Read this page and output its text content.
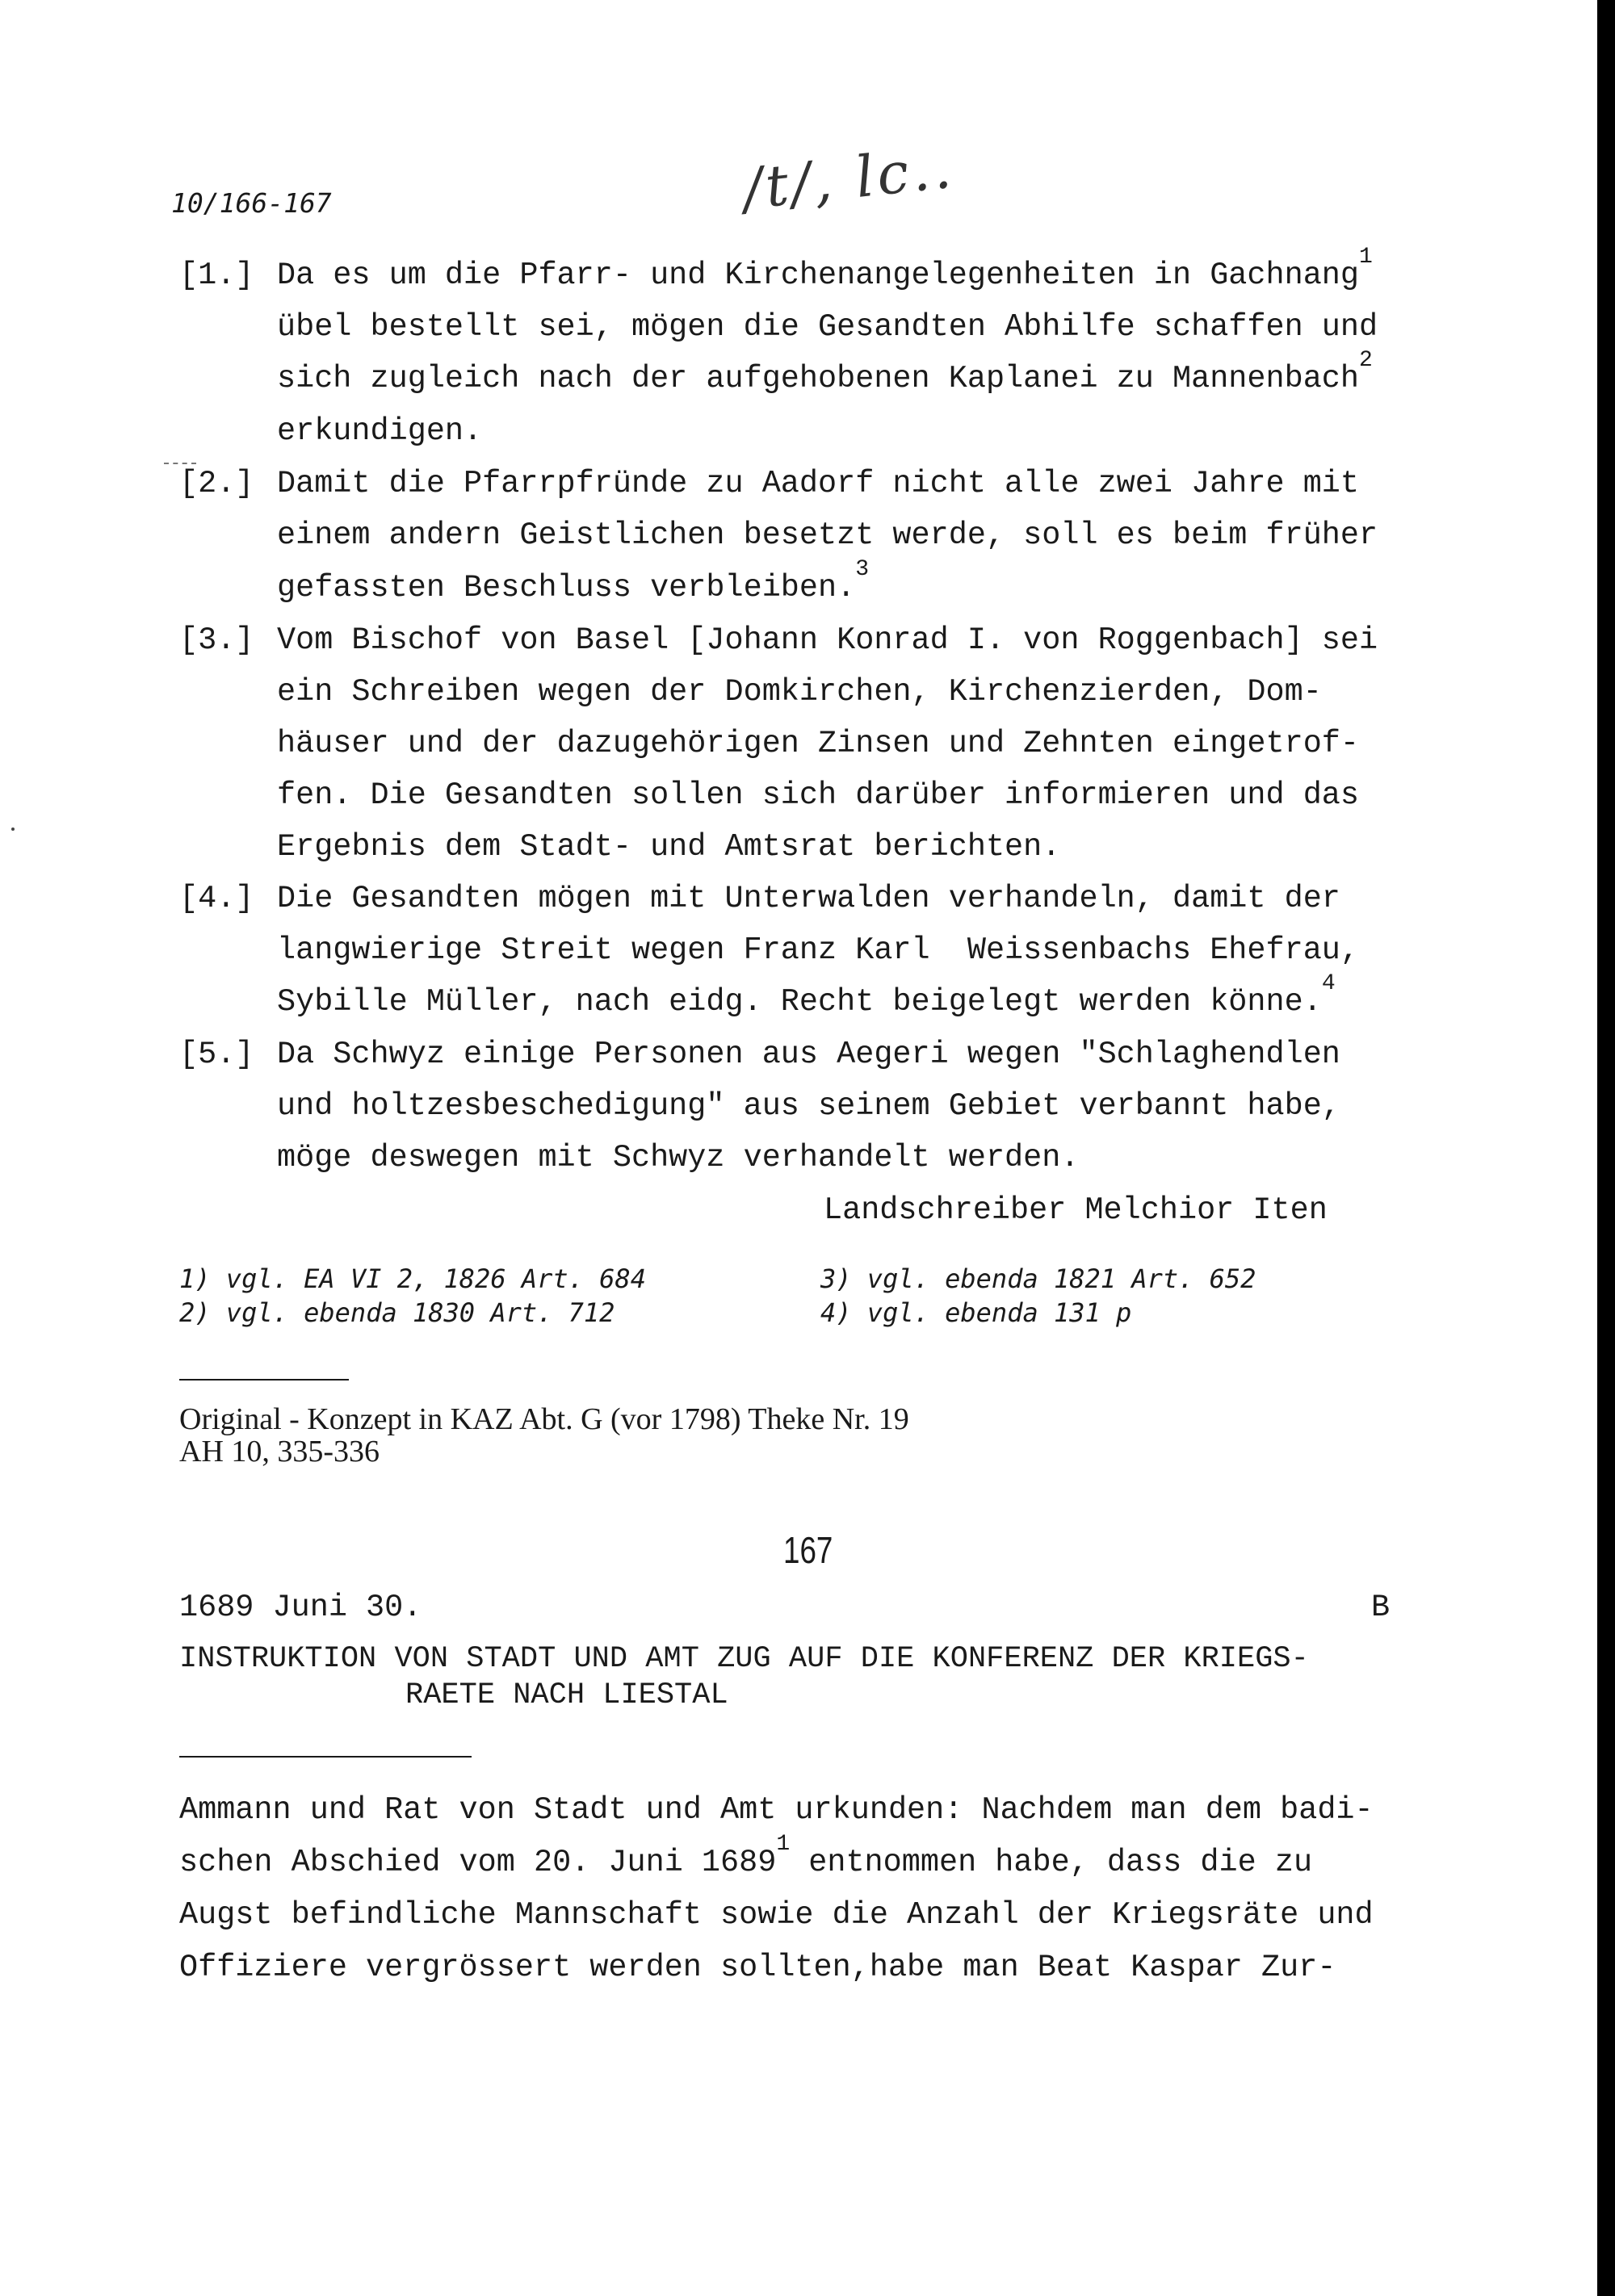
/t/, lc..
10/166-167
[1.] Da es um die Pfarr- und Kirchenangelegenheiten in Gachnang$^1$
übel bestellt sei, mögen die Gesandten Abhilfe schaffen und
sich zugleich nach der aufgehobenen Kaplanei zu Mannenbach$^2$
erkundigen.
[2.] Damit die Pfarrpfründe zu Aadorf nicht alle zwei Jahre mit
einem andern Geistlichen besetzt werde, soll es beim früher
gefassten Beschluss verbleiben.$^3$
[3.] Vom Bischof von Basel [Johann Konrad I. von Roggenbach] sei
ein Schreiben wegen der Domkirchen, Kirchenzierden, Dom-
häuser und der dazugehörigen Zinsen und Zehnten eingetrof-
fen. Die Gesandten sollen sich darüber informieren und das
Ergebnis dem Stadt- und Amtsrat berichten.
[4.] Die Gesandten mögen mit Unterwalden verhandeln, damit der
langwierige Streit wegen Franz Karl  Weissenbachs Ehefrau,
Sybille Müller, nach eidg. Recht beigelegt werden könne.$^4$
[5.] Da Schwyz einige Personen aus Aegeri wegen "Schlaghendlen
und holtzesbeschedigung" aus seinem Gebiet verbannt habe,
möge deswegen mit Schwyz verhandelt werden.
Landschreiber Melchior Iten
1) vgl. EA VI 2, 1826 Art. 684
2) vgl. ebenda 1830 Art. 712
3) vgl. ebenda 1821 Art. 652
4) vgl. ebenda 131 p
Original - Konzept in KAZ Abt. G (vor 1798) Theke Nr. 19
AH 10, 335-336
167
1689 Juni 30.	B
INSTRUKTION VON STADT UND AMT ZUG AUF DIE KONFERENZ DER KRIEGS-
RAETE NACH LIESTAL
Ammann und Rat von Stadt und Amt urkunden: Nachdem man dem badi-
schen Abschied vom 20. Juni 1689$^1$ entnommen habe, dass die zu
Augst befindliche Mannschaft sowie die Anzahl der Kriegsräte und
Offiziere vergrössert werden sollten,habe man Beat Kaspar Zur-
